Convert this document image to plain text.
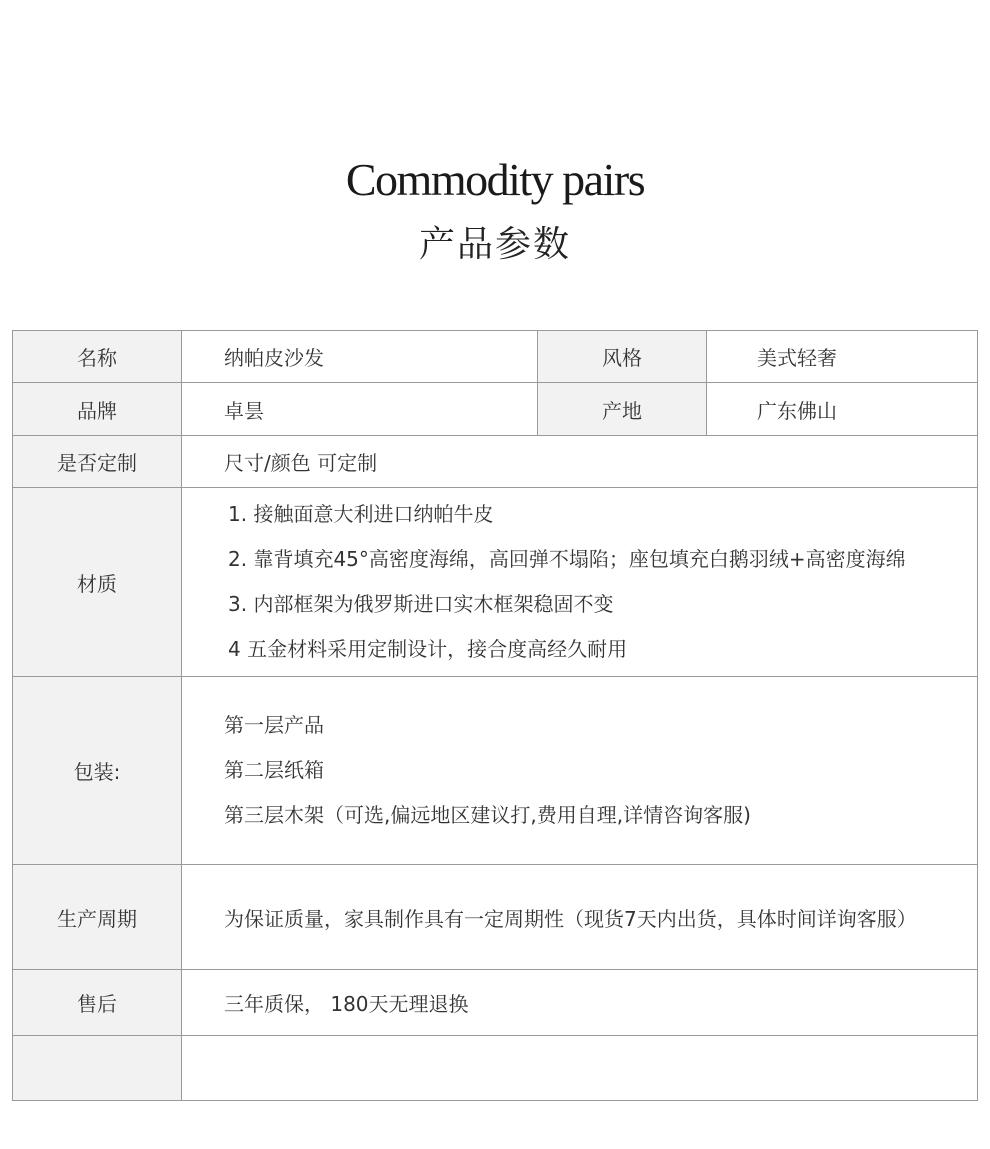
Commodity pairs
产品参数
名称	纳帕皮沙发	风格	美式轻奢
品牌	卓昙	产地	广东佛山
是否定制	尺寸/颜色 可定制		
材质	1. 接触面意大利进口纳帕牛皮
2. 靠背填充45°高密度海绵，高回弹不塌陷；座包填充白鹅羽绒+高密度海绵
3. 内部框架为俄罗斯进口实木框架稳固不变
4 五金材料采用定制设计，接合度高经久耐用		

包装:	第一层产品
第二层纸箱
第三层木架（可选,偏远地区建议打,费用自理,详情咨询客服)		

生产周期	为保证质量，家具制作具有一定周期性（现货7天内出货，具体时间详询客服）		
售后	三年质保， 180天无理退换		
